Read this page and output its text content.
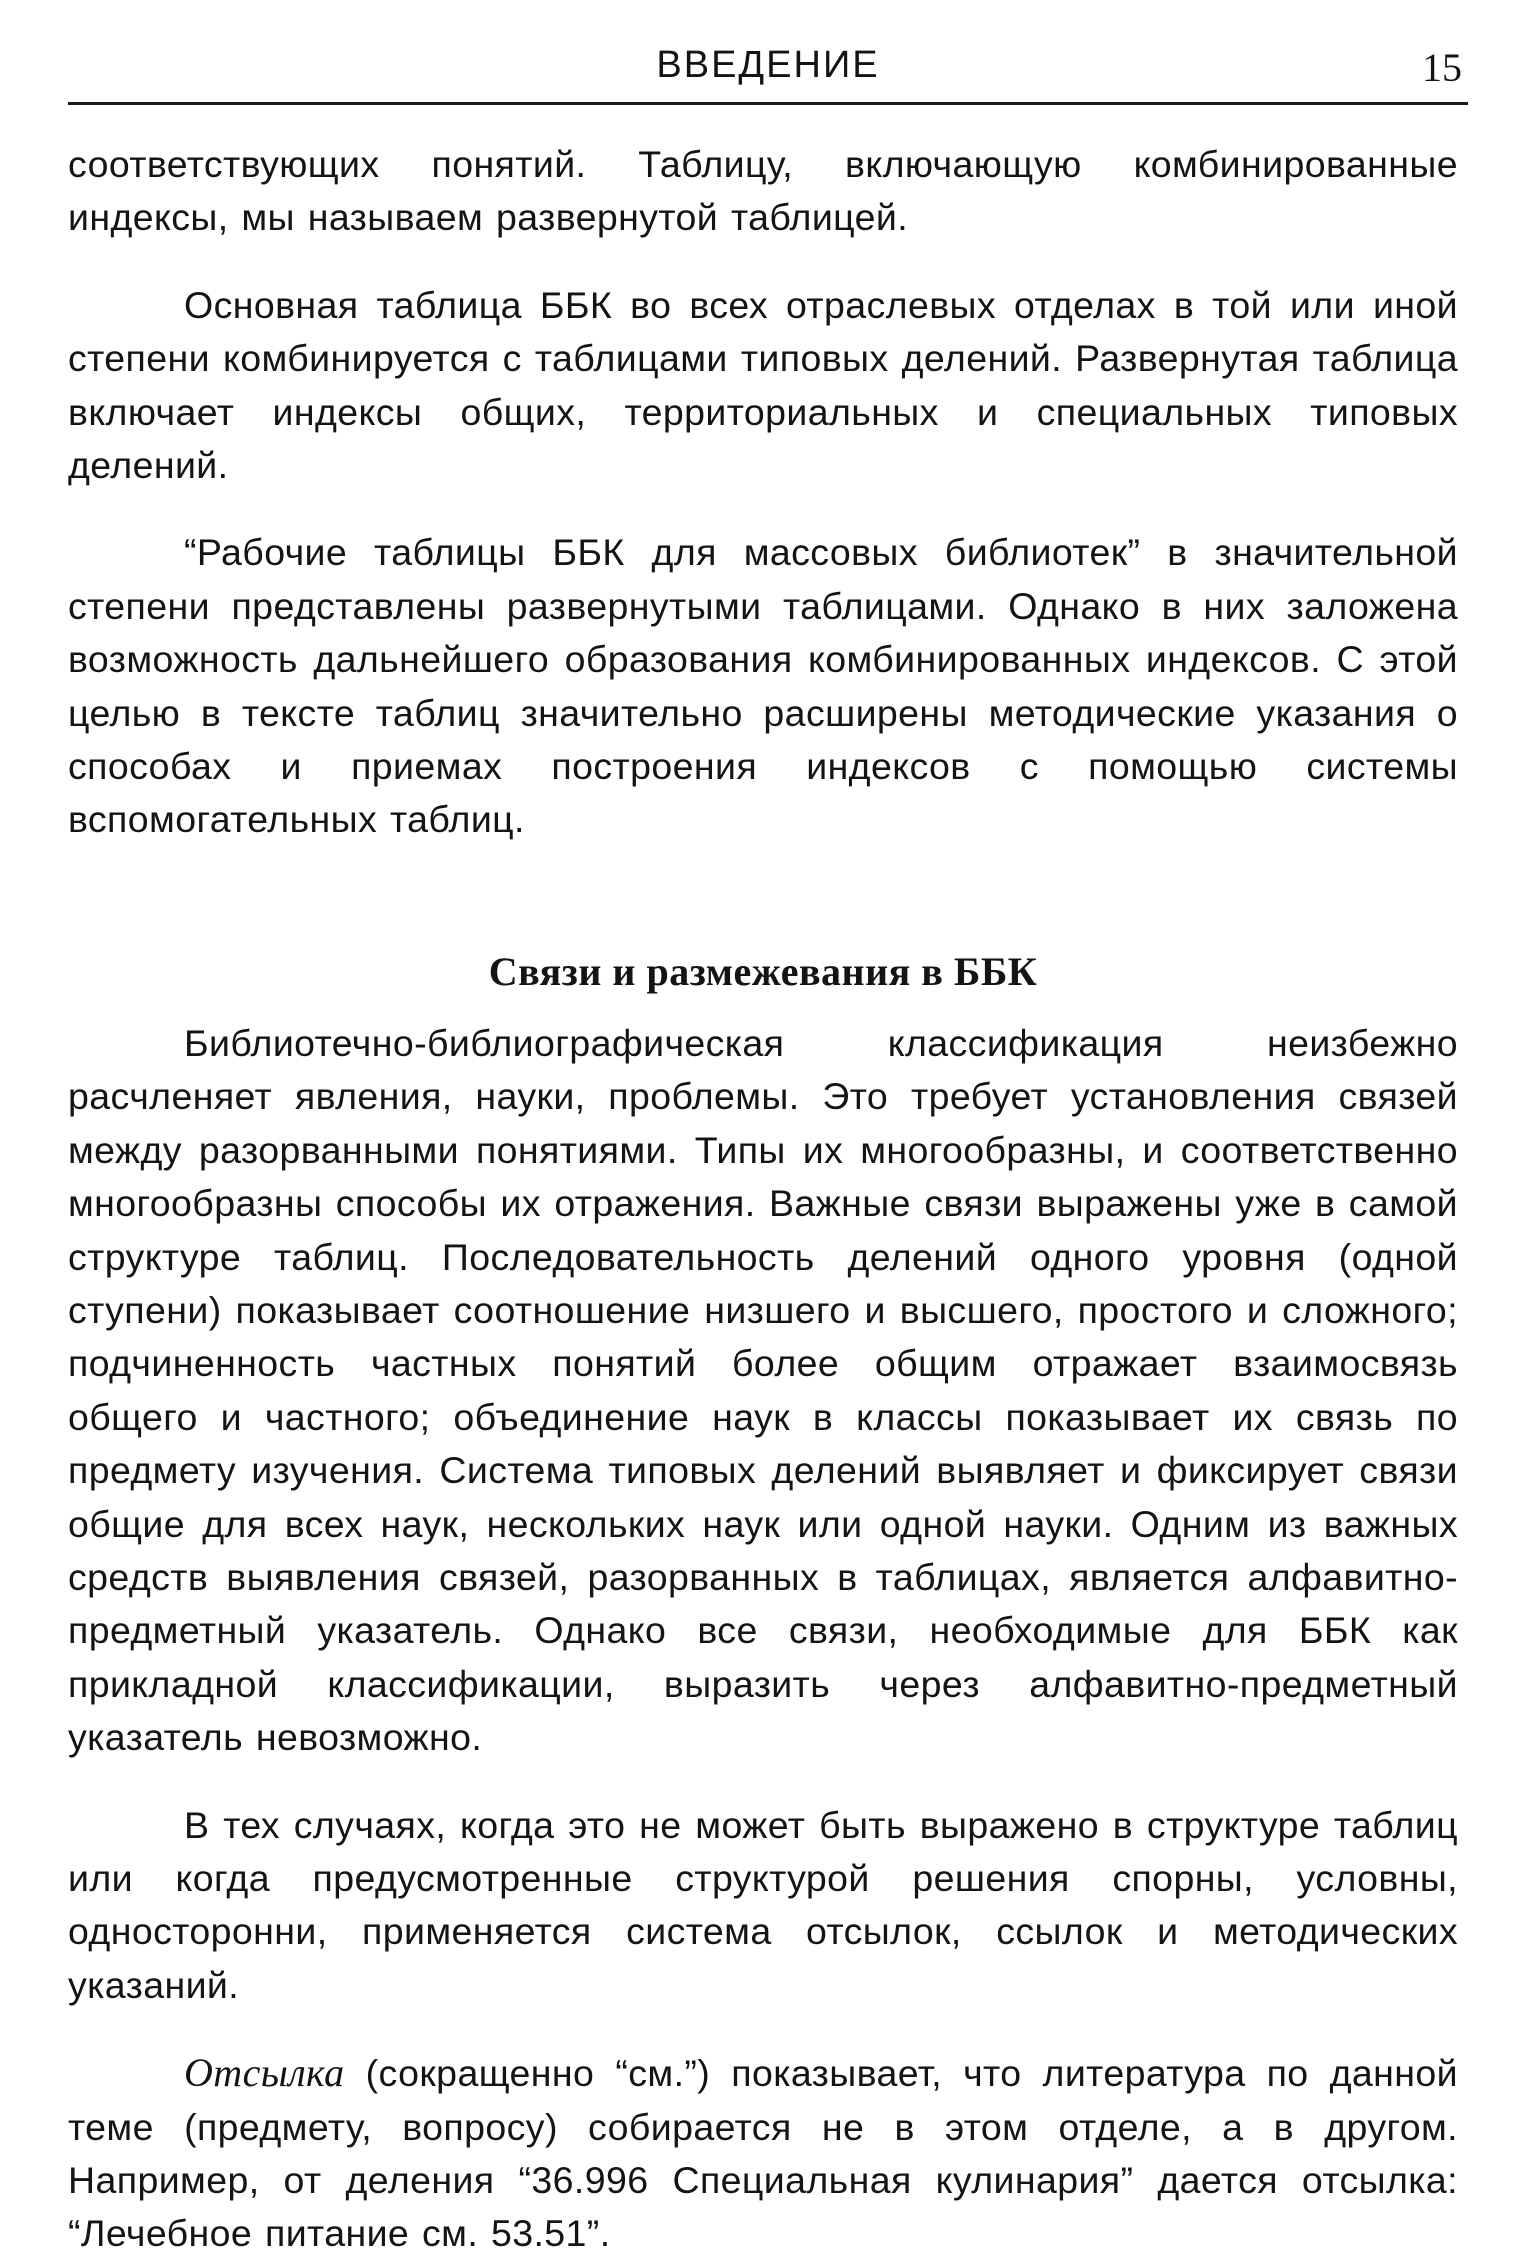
ВВЕДЕНИЕ	15

соответствующих понятий. Таблицу, включающую комбинированные индексы, мы называем развернутой таблицей.

Основная таблица ББК во всех отраслевых отделах в той или иной степени комбинируется с таблицами типовых делений. Развернутая таблица включает индексы общих, территориальных и специальных типовых делений.

“Рабочие таблицы ББК для массовых библиотек” в значительной степени представлены развернутыми таблицами. Однако в них заложена возможность дальнейшего образования комбинированных индексов. С этой целью в тексте таблиц значительно расширены методические указания о способах и приемах построения индексов с помощью системы вспомогательных таблиц.

Связи и размежевания в ББК

Библиотечно-библиографическая классификация неизбежно расчленяет явления, науки, проблемы. Это требует установления связей между разорванными понятиями. Типы их многообразны, и соответственно многообразны способы их отражения. Важные связи выражены уже в самой структуре таблиц. Последовательность делений одного уровня (одной ступени) показывает соотношение низшего и высшего, простого и сложного; подчиненность частных понятий более общим отражает взаимосвязь общего и частного; объединение наук в классы показывает их связь по предмету изучения. Система типовых делений выявляет и фиксирует связи общие для всех наук, нескольких наук или одной науки. Одним из важных средств выявления связей, разорванных в таблицах, является алфавитно-предметный указатель. Однако все связи, необходимые для ББК как прикладной классификации, выразить через алфавитно-предметный указатель невозможно.

В тех случаях, когда это не может быть выражено в структуре таблиц или когда предусмотренные структурой решения спорны, условны, односторонни, применяется система отсылок, ссылок и методических указаний.

Отсылка (сокращенно “см.”) показывает, что литература по данной теме (предмету, вопросу) собирается не в этом отделе, а в другом. Например, от деления “36.996 Специальная кулинария” дается отсылка: “Лечебное питание см. 53.51”.
